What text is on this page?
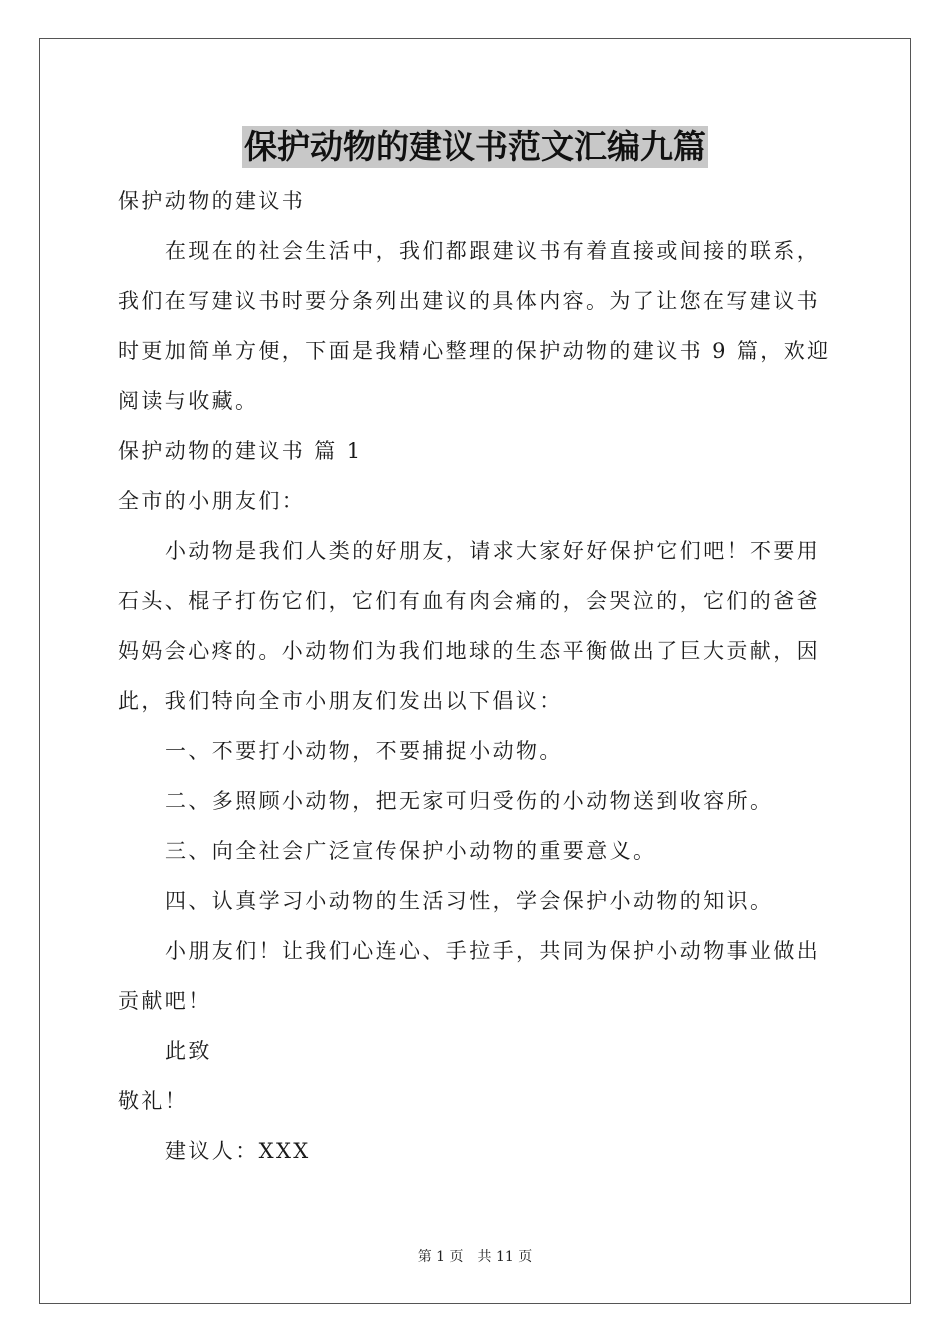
保护动物的建议书范文汇编九篇

保护动物的建议书

在现在的社会生活中，我们都跟建议书有着直接或间接的联系，

我们在写建议书时要分条列出建议的具体内容。为了让您在写建议书

时更加简单方便，下面是我精心整理的保护动物的建议书 9 篇，欢迎

阅读与收藏。

保护动物的建议书 篇 1

全市的小朋友们：

小动物是我们人类的好朋友，请求大家好好保护它们吧！不要用

石头、棍子打伤它们，它们有血有肉会痛的，会哭泣的，它们的爸爸

妈妈会心疼的。小动物们为我们地球的生态平衡做出了巨大贡献，因

此，我们特向全市小朋友们发出以下倡议：

一、不要打小动物，不要捕捉小动物。

二、多照顾小动物，把无家可归受伤的小动物送到收容所。

三、向全社会广泛宣传保护小动物的重要意义。

四、认真学习小动物的生活习性，学会保护小动物的知识。

小朋友们！让我们心连心、手拉手，共同为保护小动物事业做出

贡献吧！

此致

敬礼！

建议人：XXX

第 1 页 共 11 页
